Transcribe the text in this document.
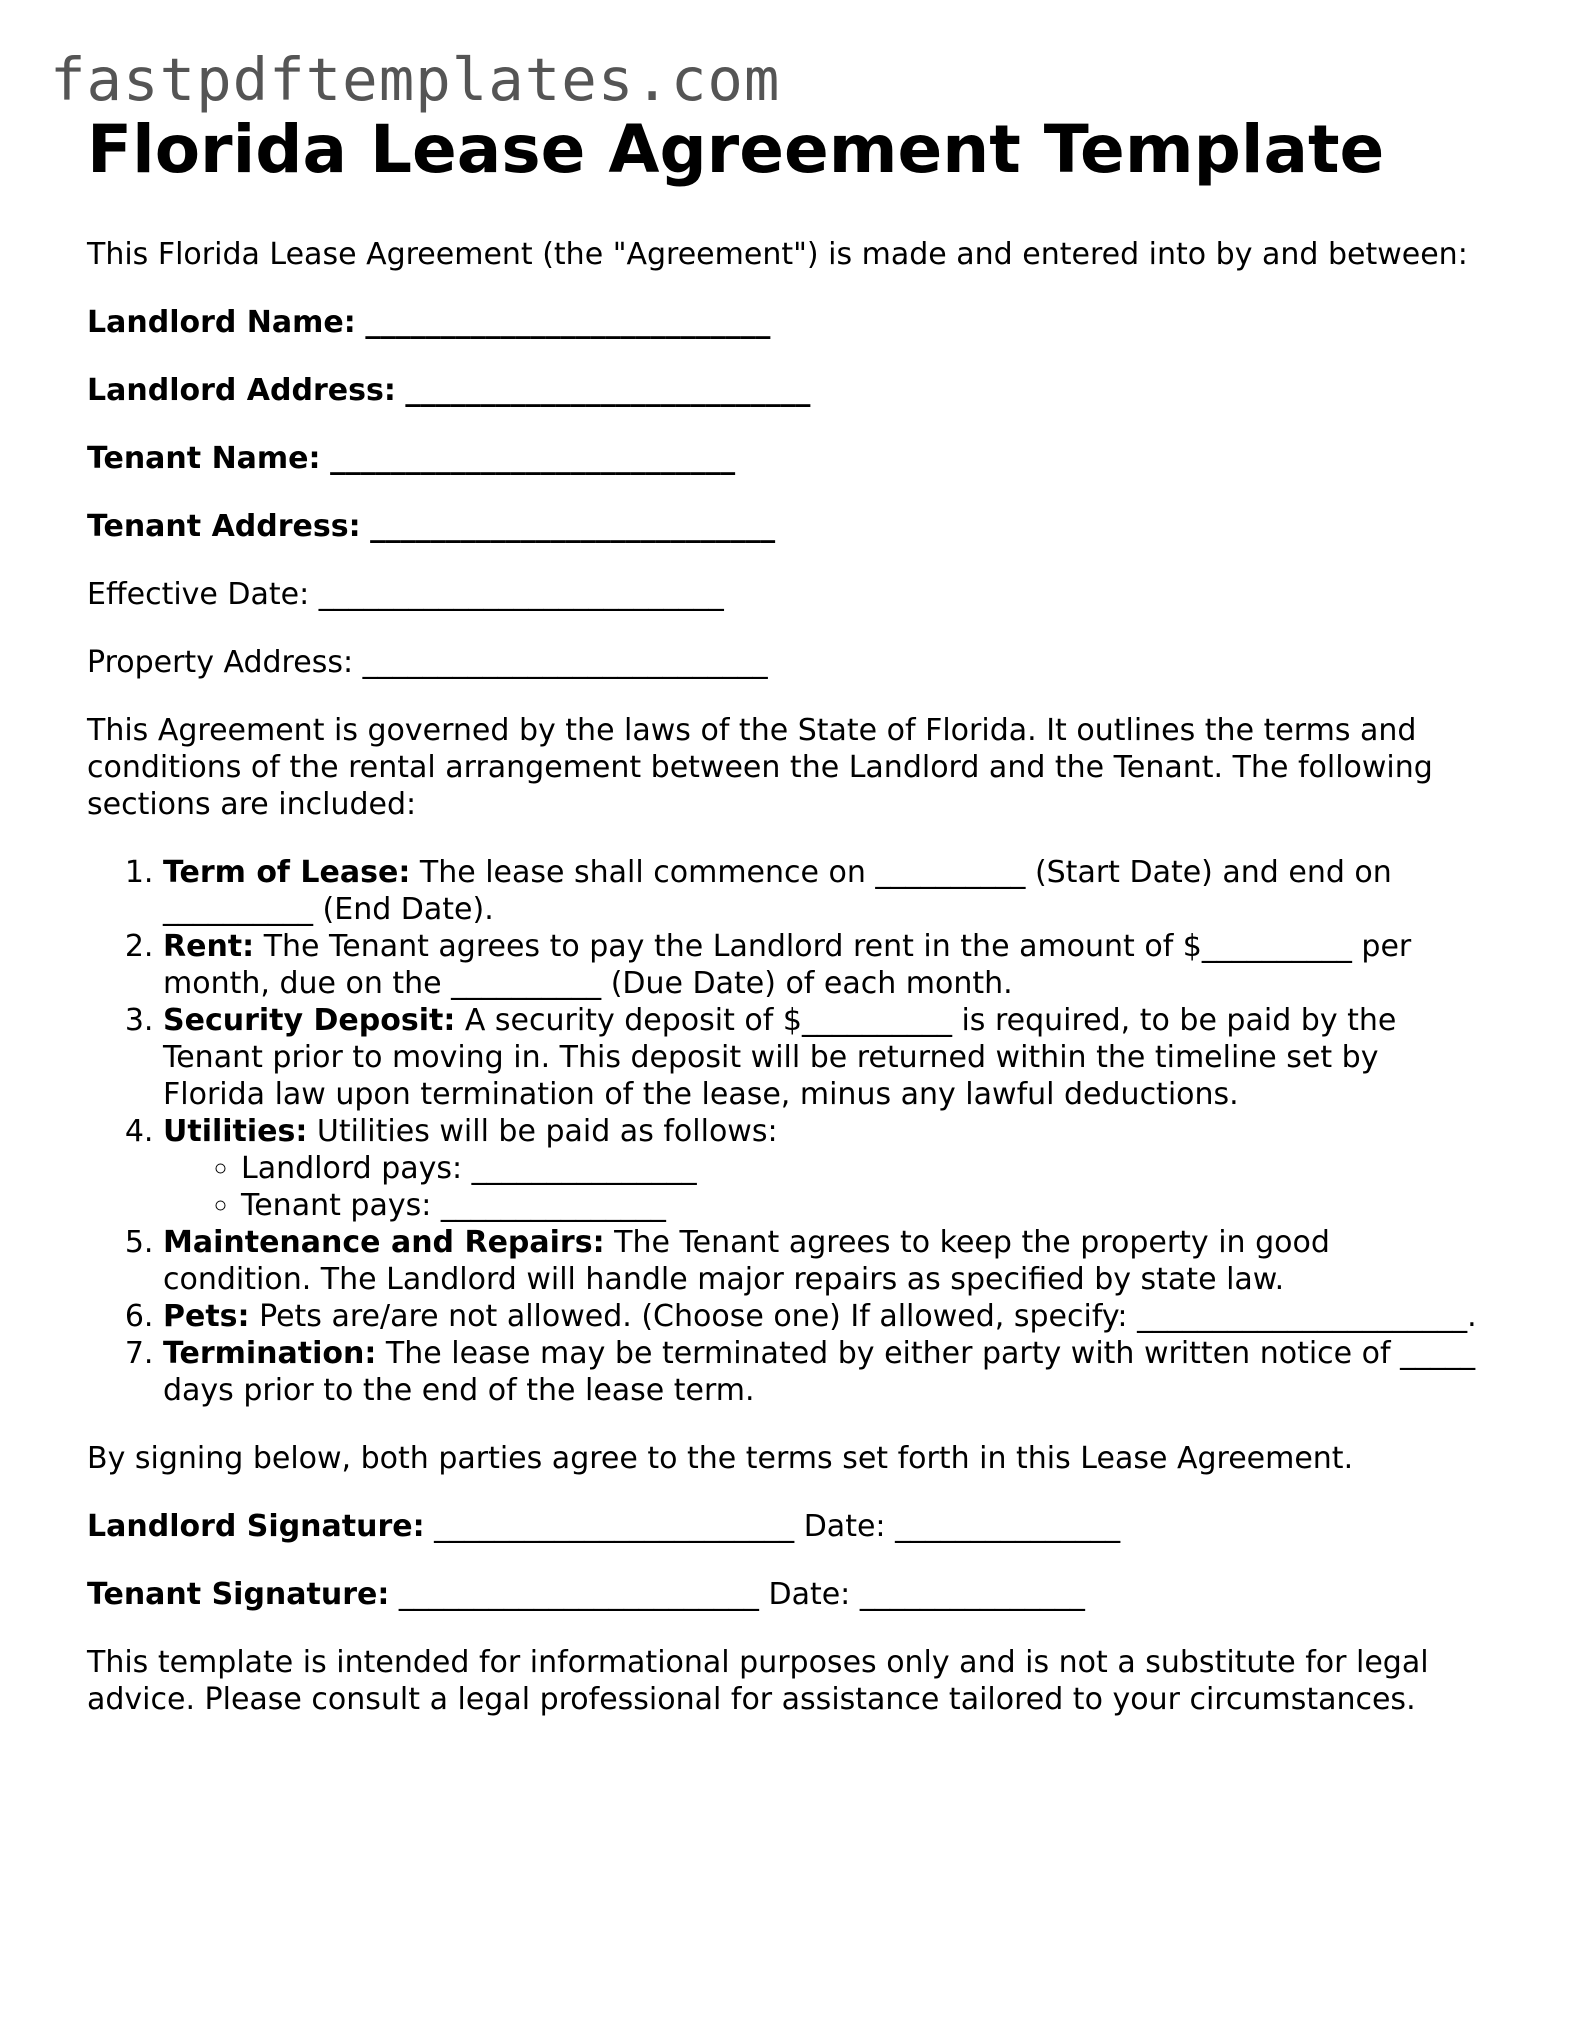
fastpdftemplates.com
Florida Lease Agreement Template

This Florida Lease Agreement (the "Agreement") is made and entered into by and between:

Landlord Name: ___________________________

Landlord Address: ___________________________

Tenant Name: ___________________________

Tenant Address: ___________________________

Effective Date: ___________________________

Property Address: ___________________________

This Agreement is governed by the laws of the State of Florida. It outlines the terms and conditions of the rental arrangement between the Landlord and the Tenant. The following sections are included:

1. Term of Lease: The lease shall commence on __________ (Start Date) and end on __________ (End Date).
2. Rent: The Tenant agrees to pay the Landlord rent in the amount of $__________ per month, due on the __________ (Due Date) of each month.
3. Security Deposit: A security deposit of $__________ is required, to be paid by the Tenant prior to moving in. This deposit will be returned within the timeline set by Florida law upon termination of the lease, minus any lawful deductions.
4. Utilities: Utilities will be paid as follows:
◦ Landlord pays: _______________
◦ Tenant pays: _______________
5. Maintenance and Repairs: The Tenant agrees to keep the property in good condition. The Landlord will handle major repairs as specified by state law.
6. Pets: Pets are/are not allowed. (Choose one) If allowed, specify: ______________________.
7. Termination: The lease may be terminated by either party with written notice of _____ days prior to the end of the lease term.

By signing below, both parties agree to the terms set forth in this Lease Agreement.

Landlord Signature: ________________________ Date: _______________

Tenant Signature: ________________________ Date: _______________

This template is intended for informational purposes only and is not a substitute for legal advice. Please consult a legal professional for assistance tailored to your circumstances.
